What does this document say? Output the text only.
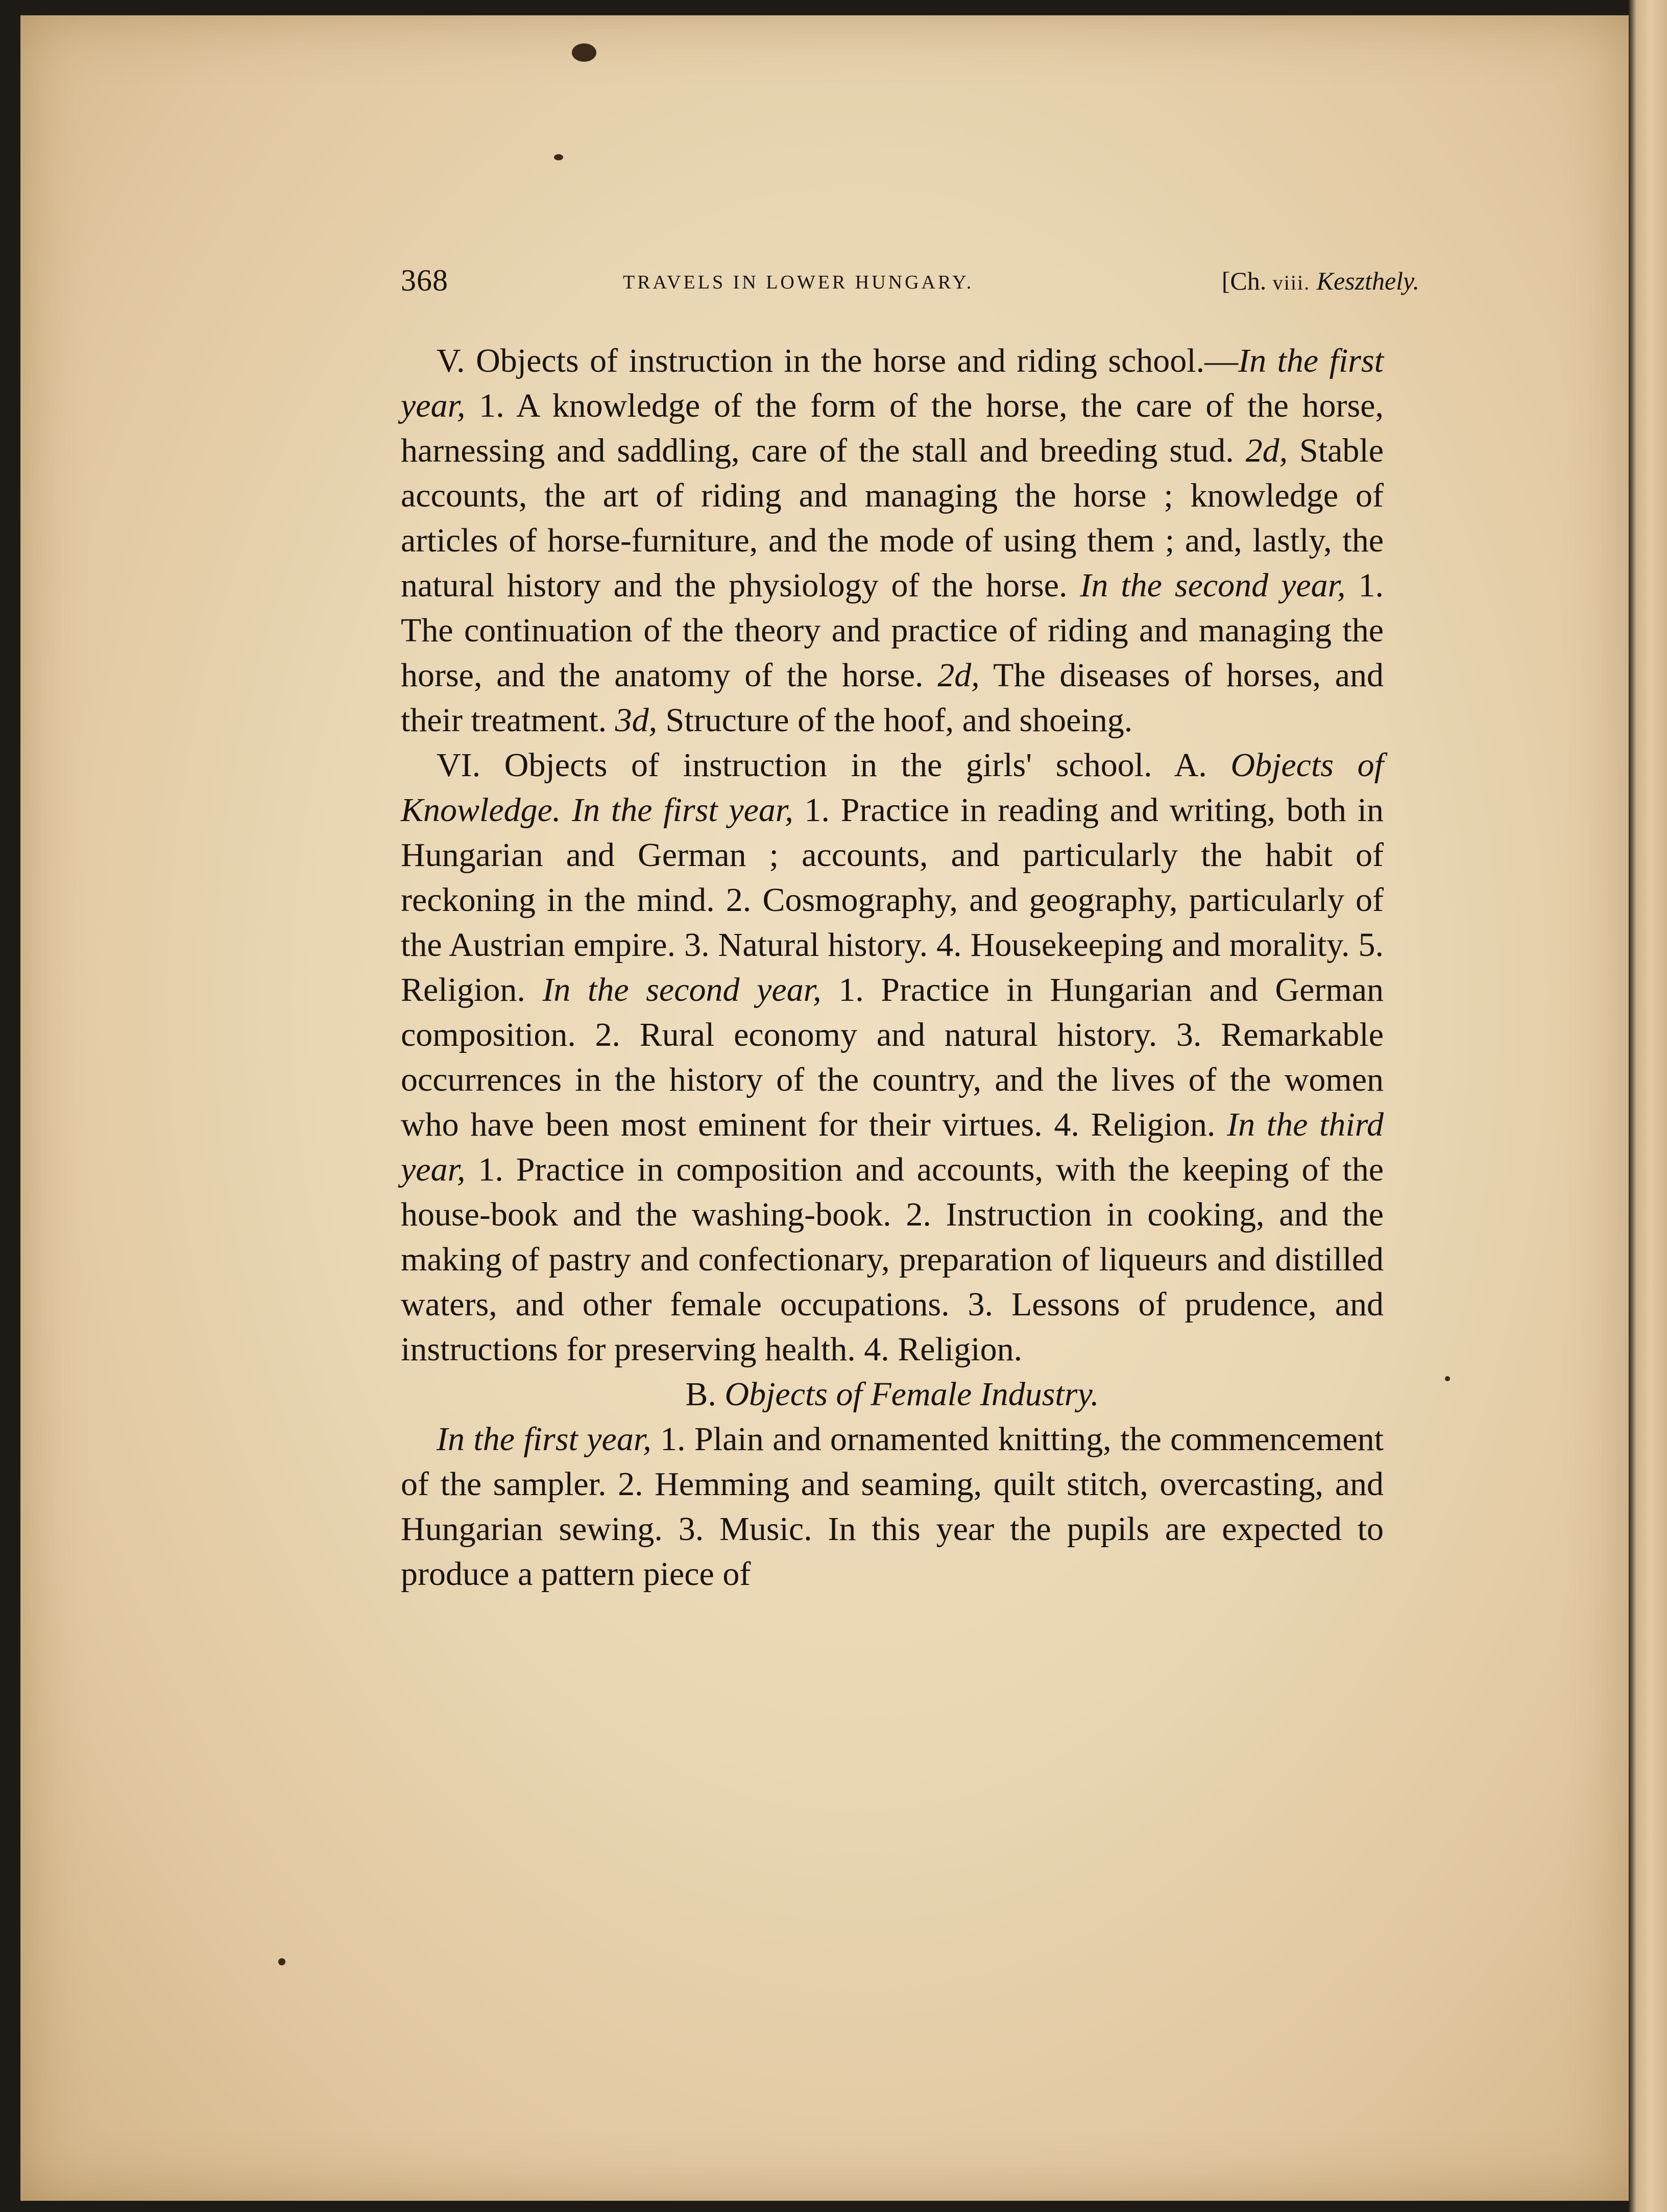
368	TRAVELS IN LOWER HUNGARY.	[Ch. viii. Keszthely.

V. Objects of instruction in the horse and riding school.—In the first year, 1. A knowledge of the form of the horse, the care of the horse, harnessing and saddling, care of the stall and breeding stud. 2d, Stable accounts, the art of riding and managing the horse ; knowledge of articles of horse-furniture, and the mode of using them ; and, lastly, the natural history and the physiology of the horse. In the second year, 1. The continuation of the theory and practice of riding and managing the horse, and the anatomy of the horse. 2d, The diseases of horses, and their treatment. 3d, Structure of the hoof, and shoeing.

VI. Objects of instruction in the girls' school. A. Objects of Knowledge. In the first year, 1. Practice in reading and writing, both in Hungarian and German ; accounts, and particularly the habit of reckoning in the mind. 2. Cosmography, and geography, particularly of the Austrian empire. 3. Natural history. 4. Housekeeping and morality. 5. Religion. In the second year, 1. Practice in Hungarian and German composition. 2. Rural economy and natural history. 3. Remarkable occurrences in the history of the country, and the lives of the women who have been most eminent for their virtues. 4. Religion. In the third year, 1. Practice in composition and accounts, with the keeping of the house-book and the washing-book. 2. Instruction in cooking, and the making of pastry and confectionary, preparation of liqueurs and distilled waters, and other female occupations. 3. Lessons of prudence, and instructions for preserving health. 4. Religion.

B. Objects of Female Industry.

In the first year, 1. Plain and ornamented knitting, the commencement of the sampler. 2. Hemming and seaming, quilt stitch, overcasting, and Hungarian sewing. 3. Music. In this year the pupils are expected to produce a pattern piece of
